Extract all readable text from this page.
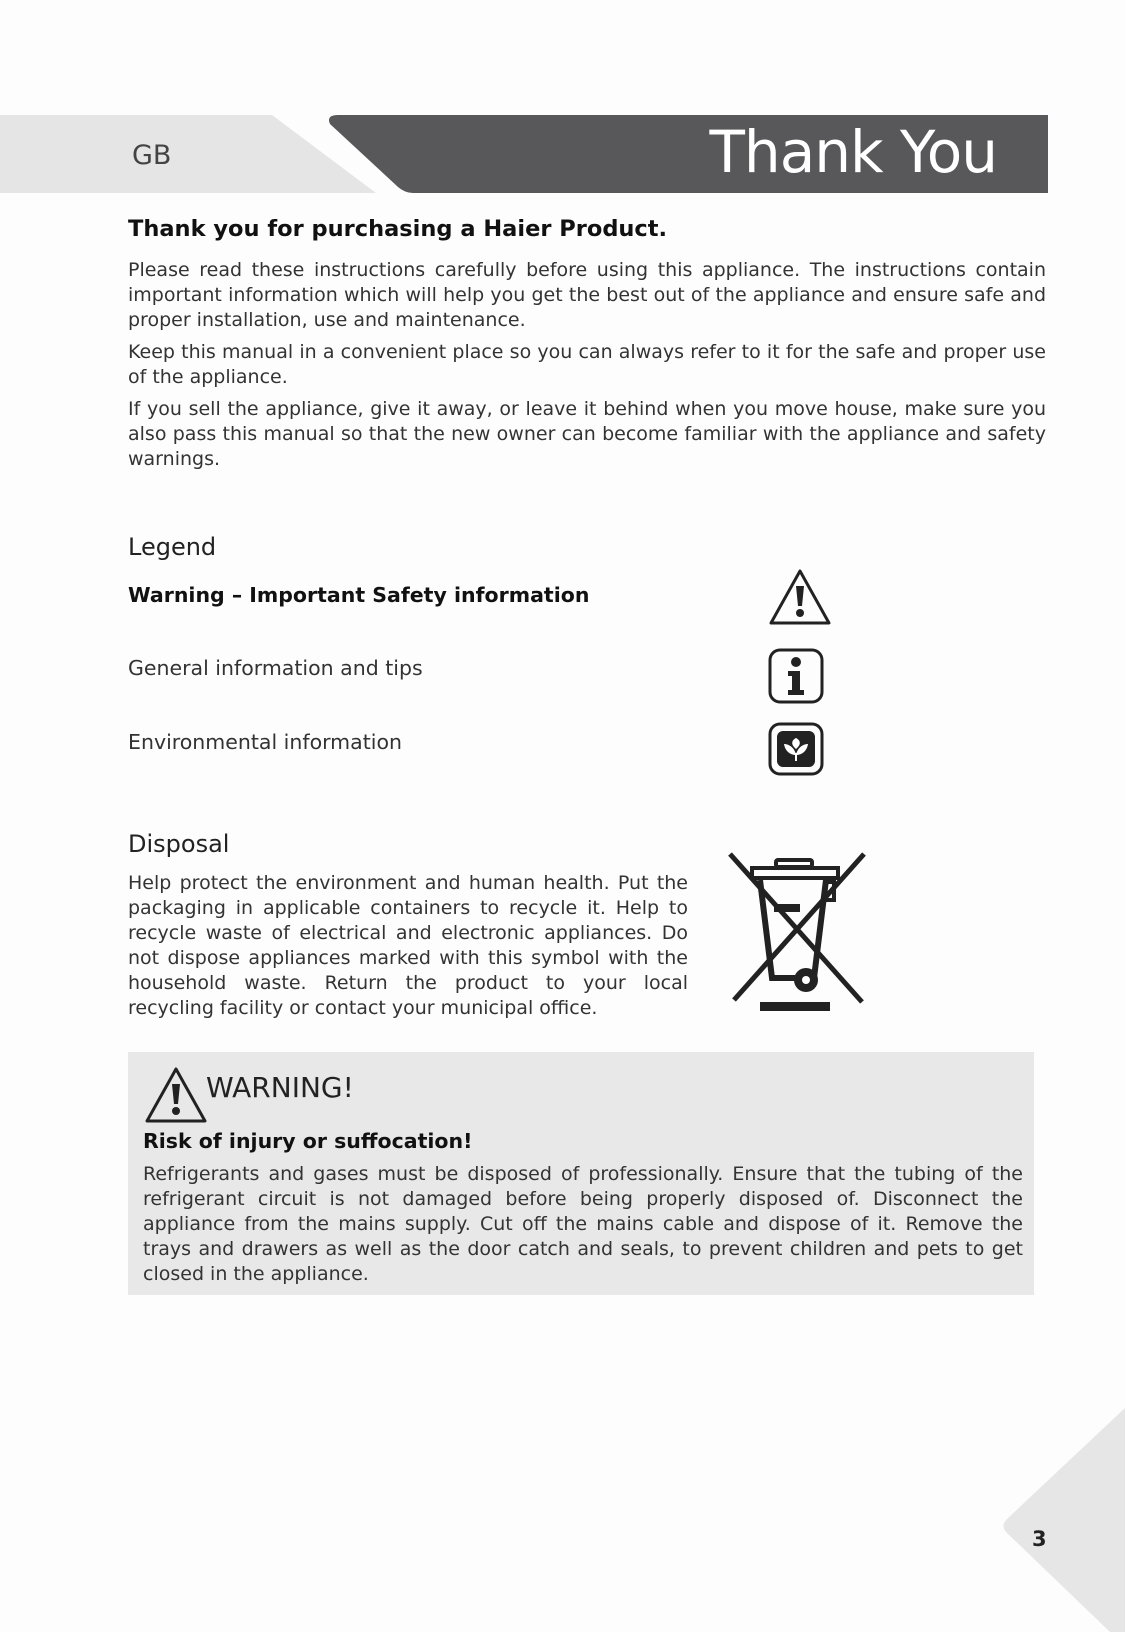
GB	Thank You
Thank you for purchasing a Haier Product.

Please read these instructions carefully before using this appliance. The instructions contain important information which will help you get the best out of the appliance and ensure safe and proper installation, use and maintenance.

Keep this manual in a convenient place so you can always refer to it for the safe and proper use of the appliance.

If you sell the appliance, give it away, or leave it behind when you move house, make sure you also pass this manual so that the new owner can become familiar with the appliance and safety warnings.

Legend
Warning – Important Safety information
General information and tips
Environmental information
Disposal

Help protect the environment and human health. Put the packaging in applicable containers to recycle it. Help to recycle waste of electrical and electronic appliances. Do not dispose appliances marked with this symbol with the household waste. Return the product to your local recycling facility or contact your municipal office.

WARNING!
Risk of injury or suffocation!

Refrigerants and gases must be disposed of professionally. Ensure that the tubing of the refrigerant circuit is not damaged before being properly disposed of. Disconnect the appliance from the mains supply. Cut off the mains cable and dispose of it. Remove the trays and drawers as well as the door catch and seals, to prevent children and pets to get closed in the appliance.

3
